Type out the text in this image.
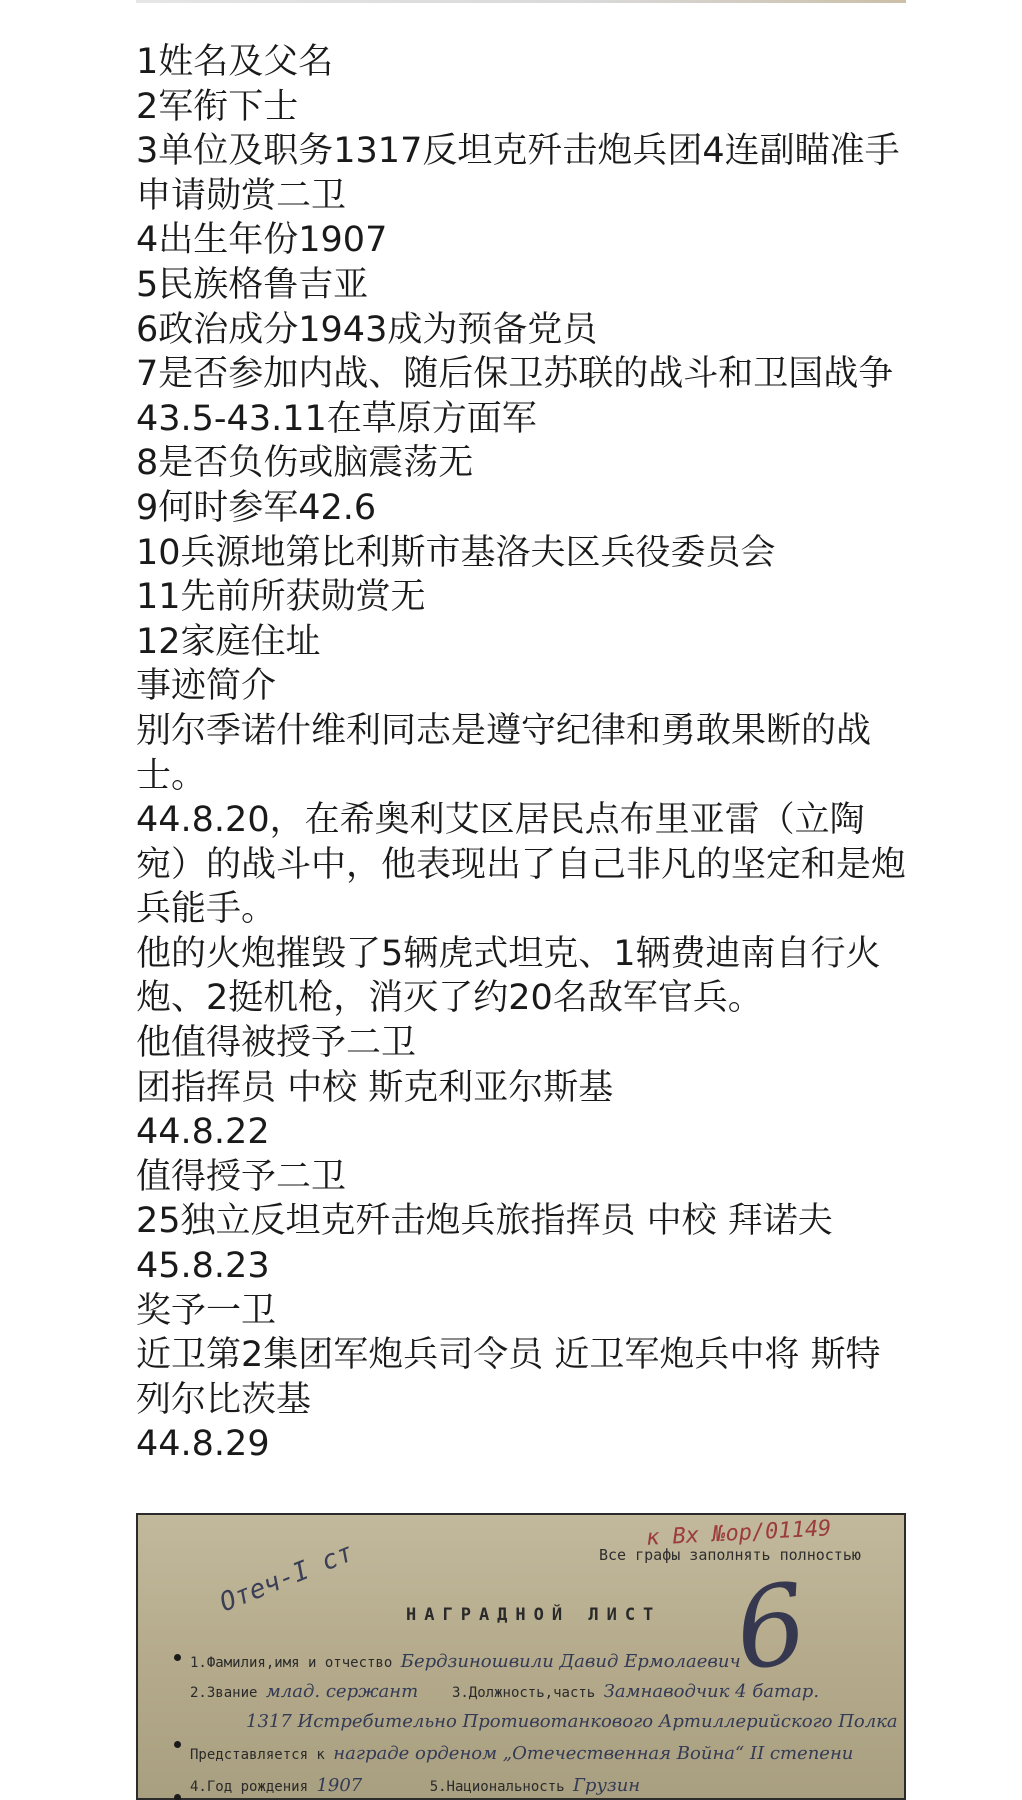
1姓名及父名

2军衔下士

3单位及职务1317反坦克歼击炮兵团4连副瞄准手

申请勋赏二卫

4出生年份1907

5民族格鲁吉亚

6政治成分1943成为预备党员

7是否参加内战、随后保卫苏联的战斗和卫国战争43.5-43.11在草原方面军

8是否负伤或脑震荡无

9何时参军42.6

10兵源地第比利斯市基洛夫区兵役委员会

11先前所获勋赏无

12家庭住址

事迹简介

别尔季诺什维利同志是遵守纪律和勇敢果断的战士。

44.8.20，在希奥利艾区居民点布里亚雷（立陶宛）的战斗中，他表现出了自己非凡的坚定和是炮兵能手。

他的火炮摧毁了5辆虎式坦克、1辆费迪南自行火炮、2挺机枪，消灭了约20名敌军官兵。

他值得被授予二卫

团指挥员 中校 斯克利亚尔斯基

44.8.22

值得授予二卫

25独立反坦克歼击炮兵旅指挥员 中校 拜诺夫

45.8.23

奖予一卫

近卫第2集团军炮兵司令员 近卫军炮兵中将 斯特列尔比茨基

44.8.29

к Вх №ор/01149
Все графы заполнять полностью
Отеч-I ст	6
НАГРАДНОЙ ЛИСТ
1.Фамилия,имя и отчество Бердзиношвили Давид Ермолаевич
2.Звание млад. сержант 3.Должность,часть Замнаводчик 4 батар.
1317 Истребительно Противотанкового Артиллерийского Полка
Представляется к награде орденом „Отечественная Война“ II степени
4.Год рождения 1907	5.Национальность Грузин
